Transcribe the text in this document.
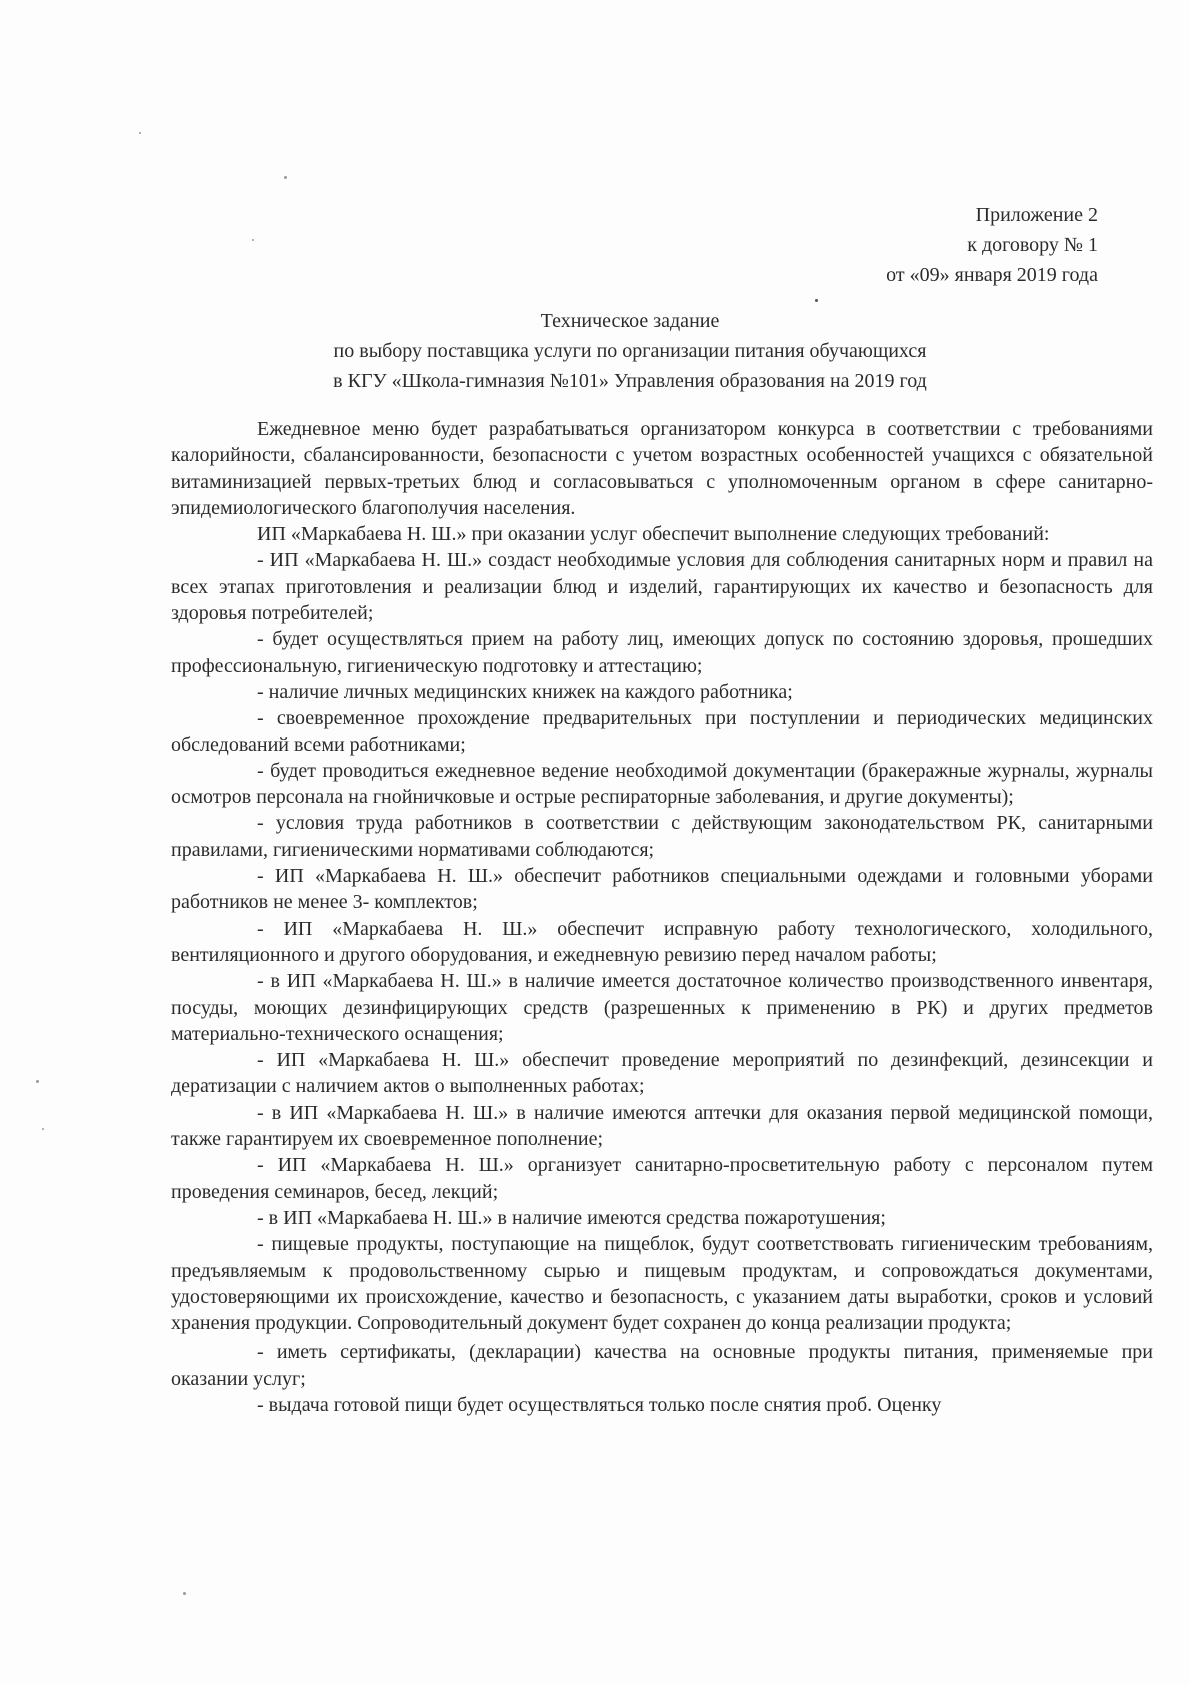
Приложение 2
к договору № 1
от «09» января 2019 года
Техническое задание
по выбору поставщика услуги по организации питания обучающихся
в КГУ «Школа-гимназия №101» Управления образования на 2019 год

Ежедневное меню будет разрабатываться организатором конкурса в соответствии с требованиями калорийности, сбалансированности, безопасности с учетом возрастных особенностей учащихся с обязательной витаминизацией первых-третьих блюд и согласовываться с уполномоченным органом в сфере санитарно-эпидемиологического благополучия населения.

ИП «Маркабаева Н. Ш.» при оказании услуг обеспечит выполнение следующих требований:

- ИП «Маркабаева Н. Ш.» создаст необходимые условия для соблюдения санитарных норм и правил на всех этапах приготовления и реализации блюд и изделий, гарантирующих их качество и безопасность для здоровья потребителей;

- будет осуществляться прием на работу лиц, имеющих допуск по состоянию здоровья, прошедших профессиональную, гигиеническую подготовку и аттестацию;

- наличие личных медицинских книжек на каждого работника;

- своевременное прохождение предварительных при поступлении и периодических медицинских обследований всеми работниками;

- будет проводиться ежедневное ведение необходимой документации (бракеражные журналы, журналы осмотров персонала на гнойничковые и острые респираторные заболевания, и другие документы);

- условия труда работников в соответствии с действующим законодательством РК, санитарными правилами, гигиеническими нормативами соблюдаются;

- ИП «Маркабаева Н. Ш.» обеспечит работников специальными одеждами и головными уборами работников не менее 3- комплектов;

- ИП «Маркабаева Н. Ш.» обеспечит исправную работу технологического, холодильного, вентиляционного и другого оборудования, и ежедневную ревизию перед началом работы;

- в ИП «Маркабаева Н. Ш.» в наличие имеется достаточное количество производственного инвентаря, посуды, моющих дезинфицирующих средств (разрешенных к применению в РК) и других предметов материально-технического оснащения;

- ИП «Маркабаева Н. Ш.» обеспечит проведение мероприятий по дезинфекций, дезинсекции и дератизации с наличием актов о выполненных работах;

- в ИП «Маркабаева Н. Ш.» в наличие имеются аптечки для оказания первой медицинской помощи, также гарантируем их своевременное пополнение;

- ИП «Маркабаева Н. Ш.» организует санитарно-просветительную работу с персоналом путем проведения семинаров, бесед, лекций;

- в ИП «Маркабаева Н. Ш.» в наличие имеются средства пожаротушения;

- пищевые продукты, поступающие на пищеблок, будут соответствовать гигиеническим требованиям, предъявляемым к продовольственному сырью и пищевым продуктам, и сопровождаться документами, удостоверяющими их происхождение, качество и безопасность, с указанием даты выработки, сроков и условий хранения продукции. Сопроводительный документ будет сохранен до конца реализации продукта;

- иметь сертификаты, (декларации) качества на основные продукты питания, применяемые при оказании услуг;

- выдача готовой пищи будет осуществляться только после снятия проб. Оценку
